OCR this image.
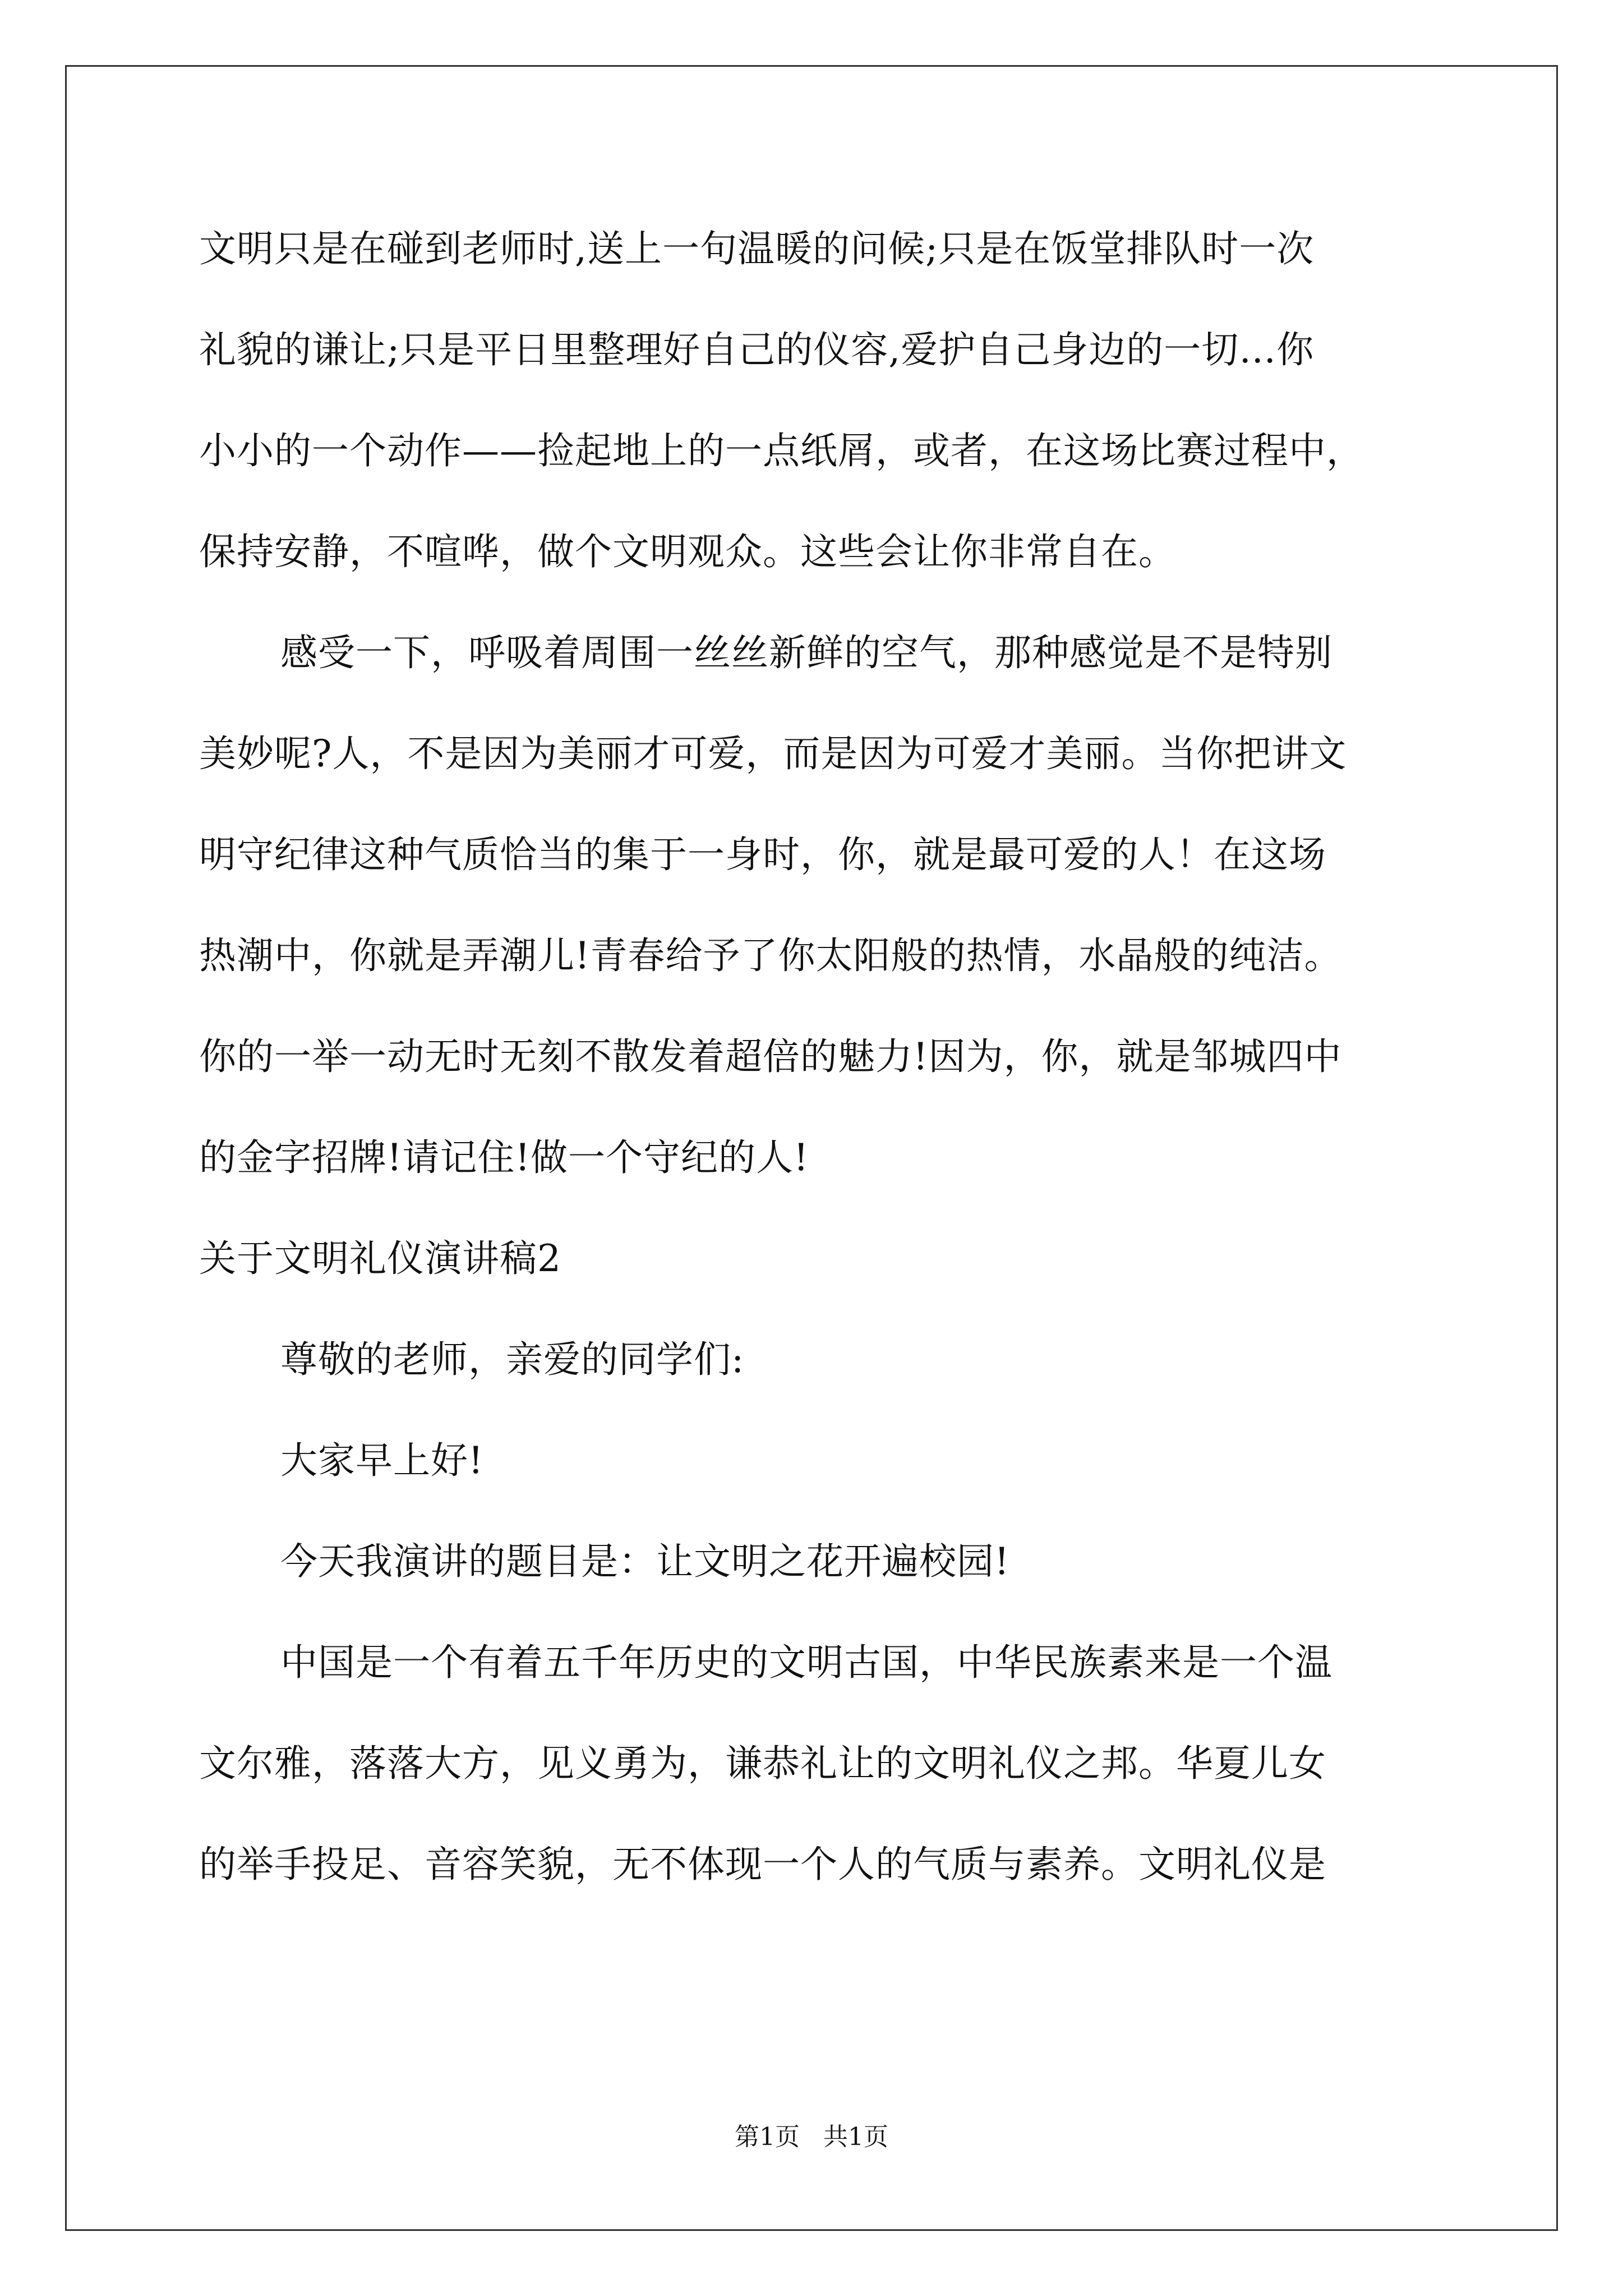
文明只是在碰到老师时,送上一句温暖的问候;只是在饭堂排队时一次
礼貌的谦让;只是平日里整理好自己的仪容,爱护自己身边的一切…你
小小的一个动作——捡起地上的一点纸屑，或者，在这场比赛过程中，
保持安静，不喧哗，做个文明观众。这些会让你非常自在。
感受一下，呼吸着周围一丝丝新鲜的空气，那种感觉是不是特别
美妙呢?人，不是因为美丽才可爱，而是因为可爱才美丽。当你把讲文
明守纪律这种气质恰当的集于一身时，你，就是最可爱的人！在这场
热潮中，你就是弄潮儿!青春给予了你太阳般的热情，水晶般的纯洁。
你的一举一动无时无刻不散发着超倍的魅力!因为，你，就是邹城四中
的金字招牌!请记住!做一个守纪的人!
关于文明礼仪演讲稿2
尊敬的老师，亲爱的同学们:
大家早上好!
今天我演讲的题目是：让文明之花开遍校园!
中国是一个有着五千年历史的文明古国，中华民族素来是一个温
文尔雅，落落大方，见义勇为，谦恭礼让的文明礼仪之邦。华夏儿女
的举手投足、音容笑貌，无不体现一个人的气质与素养。文明礼仪是
第1页   共1页
